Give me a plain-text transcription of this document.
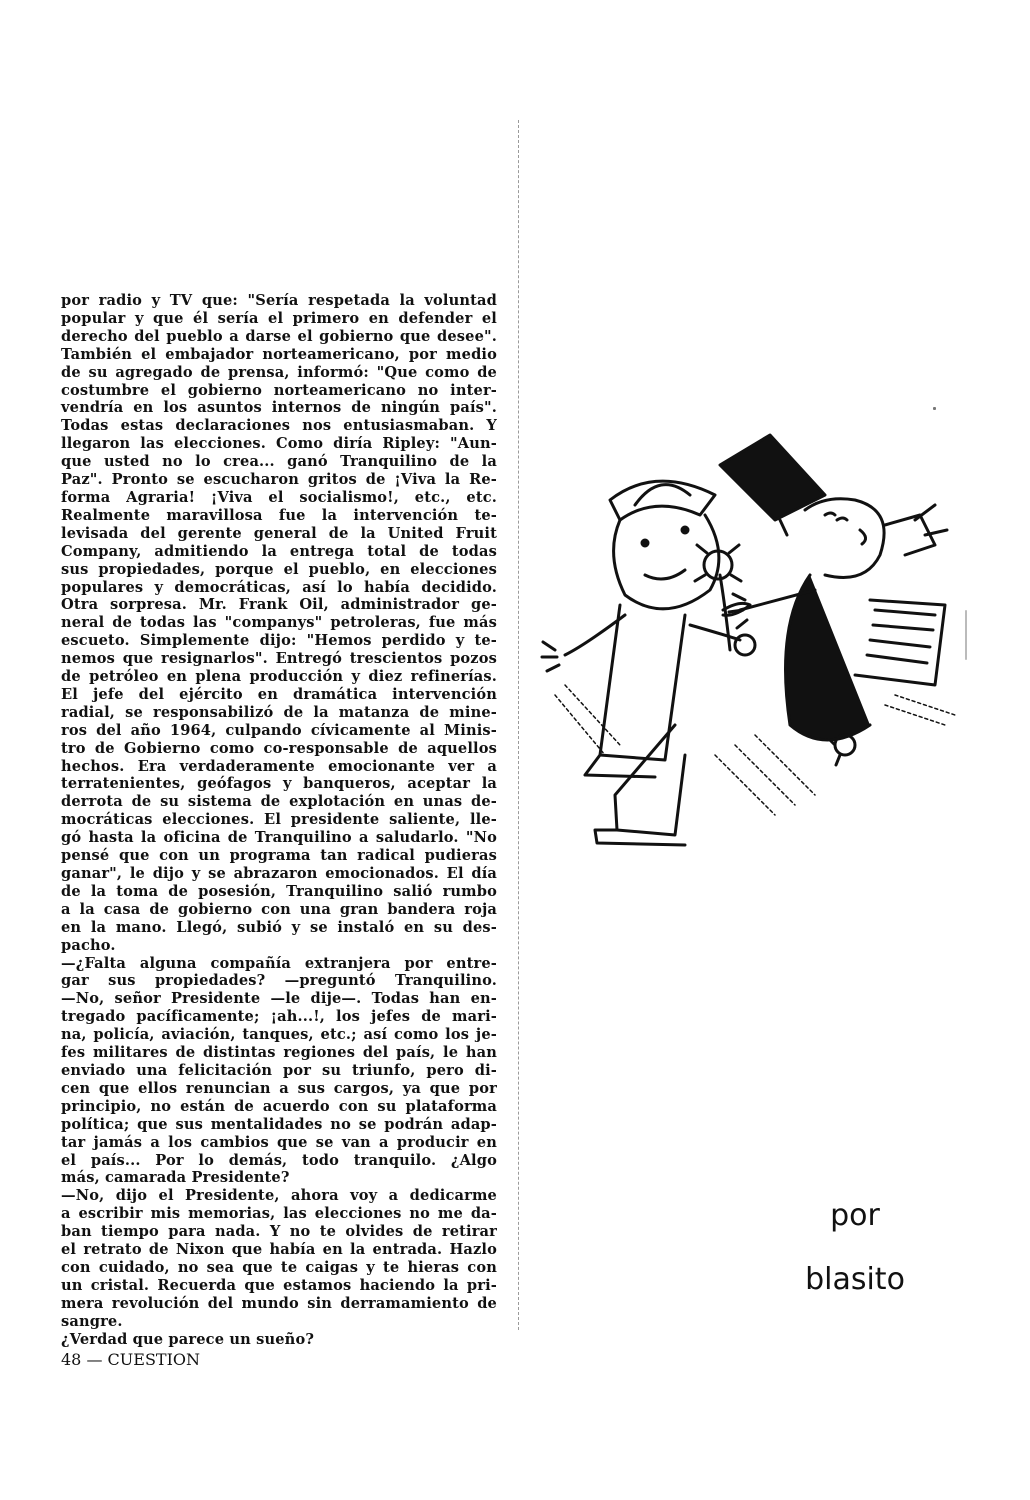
por radio y TV que: "Sería respetada la voluntad
popular y que él sería el primero en defender el
derecho del pueblo a darse el gobierno que desee".
También el embajador norteamericano, por medio
de su agregado de prensa, informó: "Que como de
costumbre el gobierno norteamericano no inter-
vendría en los asuntos internos de ningún país".
Todas estas declaraciones nos entusiasmaban. Y
llegaron las elecciones. Como diría Ripley: "Aun-
que usted no lo crea... ganó Tranquilino de la
Paz". Pronto se escucharon gritos de ¡Viva la Re-
forma Agraria! ¡Viva el socialismo!, etc., etc.
Realmente maravillosa fue la intervención te-
levisada del gerente general de la United Fruit
Company, admitiendo la entrega total de todas
sus propiedades, porque el pueblo, en elecciones
populares y democráticas, así lo había decidido.
Otra sorpresa. Mr. Frank Oil, administrador ge-
neral de todas las "companys" petroleras, fue más
escueto. Simplemente dijo: "Hemos perdido y te-
nemos que resignarlos". Entregó trescientos pozos
de petróleo en plena producción y diez refinerías.
El jefe del ejército en dramática intervención
radial, se responsabilizó de la matanza de mine-
ros del año 1964, culpando cívicamente al Minis-
tro de Gobierno como co-responsable de aquellos
hechos. Era verdaderamente emocionante ver a
terratenientes, geófagos y banqueros, aceptar la
derrota de su sistema de explotación en unas de-
mocráticas elecciones. El presidente saliente, lle-
gó hasta la oficina de Tranquilino a saludarlo. "No
pensé que con un programa tan radical pudieras
ganar", le dijo y se abrazaron emocionados. El día
de la toma de posesión, Tranquilino salió rumbo
a la casa de gobierno con una gran bandera roja
en la mano. Llegó, subió y se instaló en su des-
pacho.
—¿Falta alguna compañía extranjera por entre-
gar sus propiedades? —preguntó Tranquilino.
—No, señor Presidente —le dije—. Todas han en-
tregado pacíficamente; ¡ah...!, los jefes de mari-
na, policía, aviación, tanques, etc.; así como los je-
fes militares de distintas regiones del país, le han
enviado una felicitación por su triunfo, pero di-
cen que ellos renuncian a sus cargos, ya que por
principio, no están de acuerdo con su plataforma
política; que sus mentalidades no se podrán adap-
tar jamás a los cambios que se van a producir en
el país... Por lo demás, todo tranquilo. ¿Algo
más, camarada Presidente?
—No, dijo el Presidente, ahora voy a dedicarme
a escribir mis memorias, las elecciones no me da-
ban tiempo para nada. Y no te olvides de retirar
el retrato de Nixon que había en la entrada. Hazlo
con cuidado, no sea que te caigas y te hieras con
un cristal. Recuerda que estamos haciendo la pri-
mera revolución del mundo sin derramamiento de
sangre.
¿Verdad que parece un sueño?
48 — CUESTION
por
blasito
